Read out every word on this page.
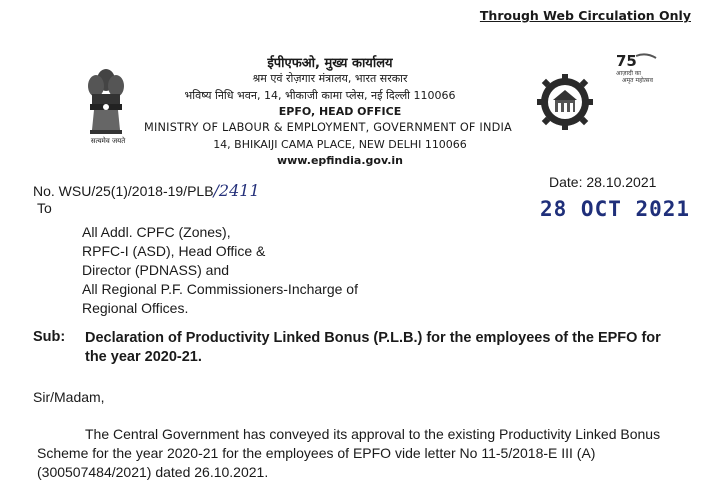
Through Web Circulation Only
सत्यमेव जयते
ईपीएफओ, मुख्य कार्यालय
श्रम एवं रोज़गार मंत्रालय, भारत सरकार
भविष्य निधि भवन, 14, भीकाजी कामा प्लेस, नई दिल्ली 110066
EPFO, HEAD OFFICE
MINISTRY OF LABOUR & EMPLOYMENT, GOVERNMENT OF INDIA
14, BHIKAIJI CAMA PLACE, NEW DELHI 110066
www.epfindia.gov.in
75
आज़ादी का
अमृत महोत्सव
No. WSU/25(1)/2018-19/PLB/2411	Date: 28.10.2021
28 OCT 2021
To
All Addl. CPFC (Zones),
RPFC-I (ASD), Head Office &
Director (PDNASS) and
All Regional P.F. Commissioners-Incharge of
Regional Offices.
Sub: Declaration of Productivity Linked Bonus (P.L.B.) for the employees of the EPFO for the year 2020-21.
Sir/Madam,
The Central Government has conveyed its approval to the existing Productivity Linked Bonus Scheme for the year 2020-21 for the employees of EPFO vide letter No 11-5/2018-E III (A) (300507484/2021) dated 26.10.2021.
